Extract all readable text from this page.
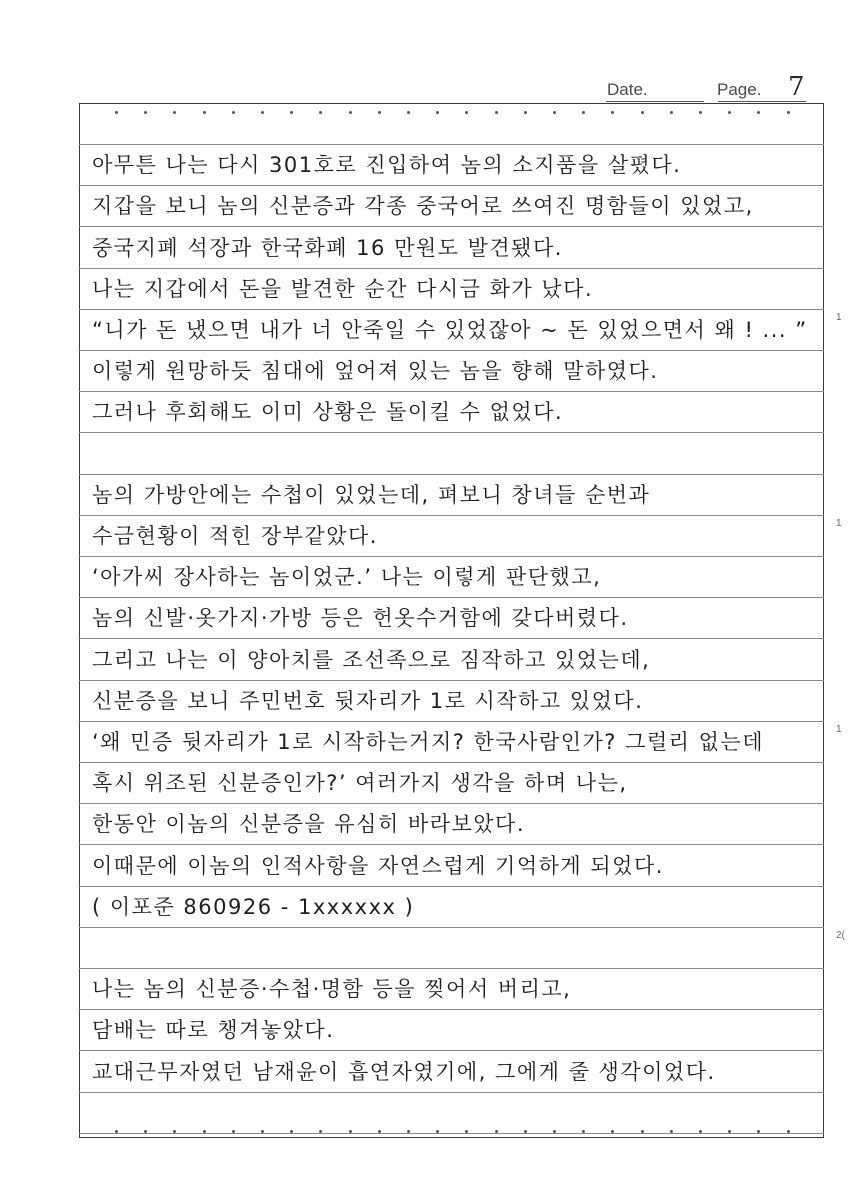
Date.	Page. 7
아무튼 나는 다시 301호로 진입하여 놈의 소지품을 살폈다.
지갑을 보니 놈의 신분증과 각종 중국어로 쓰여진 명함들이 있었고,
중국지폐 석장과 한국화폐 16 만원도 발견됐다.
나는 지갑에서 돈을 발견한 순간 다시금 화가 났다.
“니가 돈 냈으면 내가 너 안죽일 수 있었잖아 ~ 돈 있었으면서 왜 ! ... ”
이렇게 원망하듯 침대에 엎어져 있는 놈을 향해 말하였다.
그러나 후회해도 이미 상황은 돌이킬 수 없었다.
놈의 가방안에는 수첩이 있었는데, 펴보니 창녀들 순번과
수금현황이 적힌 장부같았다.
‘아가씨 장사하는 놈이었군.’ 나는 이렇게 판단했고,
놈의 신발·옷가지·가방 등은 헌옷수거함에 갖다버렸다.
그리고 나는 이 양아치를 조선족으로 짐작하고 있었는데,
신분증을 보니 주민번호 뒷자리가 1로 시작하고 있었다.
‘왜 민증 뒷자리가 1로 시작하는거지? 한국사람인가? 그럴리 없는데
혹시 위조된 신분증인가?’ 여러가지 생각을 하며 나는,
한동안 이놈의 신분증을 유심히 바라보았다.
이때문에 이놈의 인적사항을 자연스럽게 기억하게 되었다.
( 이포준 860926 - 1xxxxxx )
나는 놈의 신분증·수첩·명함 등을 찢어서 버리고,
담배는 따로 챙겨놓았다.
교대근무자였던 남재윤이 흡연자였기에, 그에게 줄 생각이었다.
1
1
1
2(
